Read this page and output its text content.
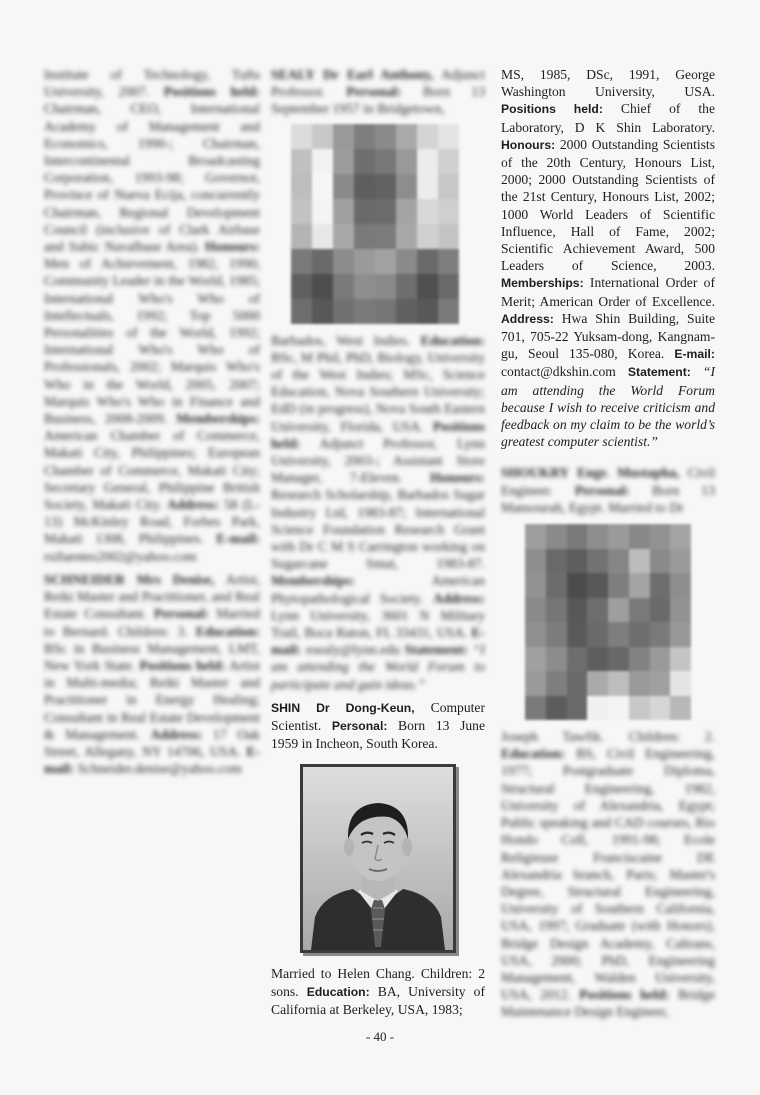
Institute of Technology, Tufts University, 2007. Positions held: Chairman, CEO, International Academy of Management and Economics, 1990-; Chairman, Intercontinental Broadcasting Corporation, 1993-98; Governor, Province of Nueva Ecija, concurrently Chairman, Regional Development Council (inclusive of Clark Airbase and Subic Navalbase Area). Honours: Men of Achievement, 1982, 1990; Community Leader in the World, 1985; International Who's Who of Intellectuals, 1992; Top 5000 Personalities of the World, 1992; International Who's Who of Professionals, 2002; Marquis Who's Who in the World, 2005, 2007; Marquis Who's Who in Finance and Business, 2008-2009. Memberships: American Chamber of Commerce, Makati City, Philippines; European Chamber of Commerce, Makati City; Secretary General, Philippine British Society, Makati City. Address: 58 (L-13) McKinley Road, Forbes Park, Makati 1308, Philippines. E-mail: rsifuentes2002@yahoo.com

SCHNEIDER Mrs Denise, Artist, Reiki Master and Practitioner, and Real Estate Consultant. Personal: Married to Bernard. Children: 3. Education: BSc in Business Management, LMT, New York State. Positions held: Artist in Multi-media; Reiki Master and Practitioner in Energy Healing; Consultant in Real Estate Development & Management. Address: 17 Oak Street, Allegany, NY 14706, USA. E-mail: Schneider.denise@yahoo.com

SEALY Dr Earl Anthony, Adjunct Professor. Personal: Born 13 September 1957 in Bridgetown,

Barbados, West Indies. Education: BSc, M Phil, PhD, Biology, University of the West Indies; MSc, Science Education, Nova Southern University; EdD (in progress), Nova South Eastern University, Florida, USA. Positions held: Adjunct Professor, Lynn University, 2003-; Assistant Store Manager, 7-Eleven. Honours: Research Scholarship, Barbados Sugar Industry Ltd, 1983-87; International Science Foundation Research Grant with Dr C M S Carrington working on Sugarcane Smut, 1983-87. Memberships: American Phytopathological Society. Address: Lynn University, 3601 N Military Trail, Boca Raton, FL 33431, USA. E-mail: esealy@lynn.edu Statement: “I am attending the World Forum to participate and gain ideas.”

SHIN Dr Dong-Keun, Computer Scientist. Personal: Born 13 June 1959 in Incheon, South Korea.

Married to Helen Chang. Children: 2 sons. Education: BA, University of California at Berkeley, USA, 1983;

MS, 1985, DSc, 1991, George Washington University, USA. Positions held: Chief of the Laboratory, D K Shin Laboratory. Honours: 2000 Outstanding Scientists of the 20th Century, Honours List, 2000; 2000 Outstanding Scientists of the 21st Century, Honours List, 2002; 1000 World Leaders of Scientific Influence, Hall of Fame, 2002; Scientific Achievement Award, 500 Leaders of Science, 2003. Memberships: International Order of Merit; American Order of Excellence. Address: Hwa Shin Building, Suite 701, 705-22 Yuksam-dong, Kangnam-gu, Seoul 135-080, Korea. E-mail: contact@dkshin.com Statement: “I am attending the World Forum because I wish to receive criticism and feedback on my claim to be the world’s greatest computer scientist.”

SHOUKRY Engr. Mustapha, Civil Engineer. Personal: Born 13 Mansourah, Egypt. Married to Dr

Joseph Tawfik. Children: 2. Education: BS, Civil Engineering, 1977; Postgraduate Diploma, Structural Engineering, 1982, University of Alexandria, Egypt; Public speaking and CAD courses, Rio Hondo Coll, 1991-98; Ecole Religieuse Franciscaine DE Alexandria branch, Paris; Master's Degree, Structural Engineering, University of Southern California, USA, 1997; Graduate (with Honors), Bridge Design Academy, Caltrans, USA, 2000; PhD, Engineering Management, Walden University, USA, 2012. Positions held: Bridge Maintenance Design Engineer,

- 40 -
